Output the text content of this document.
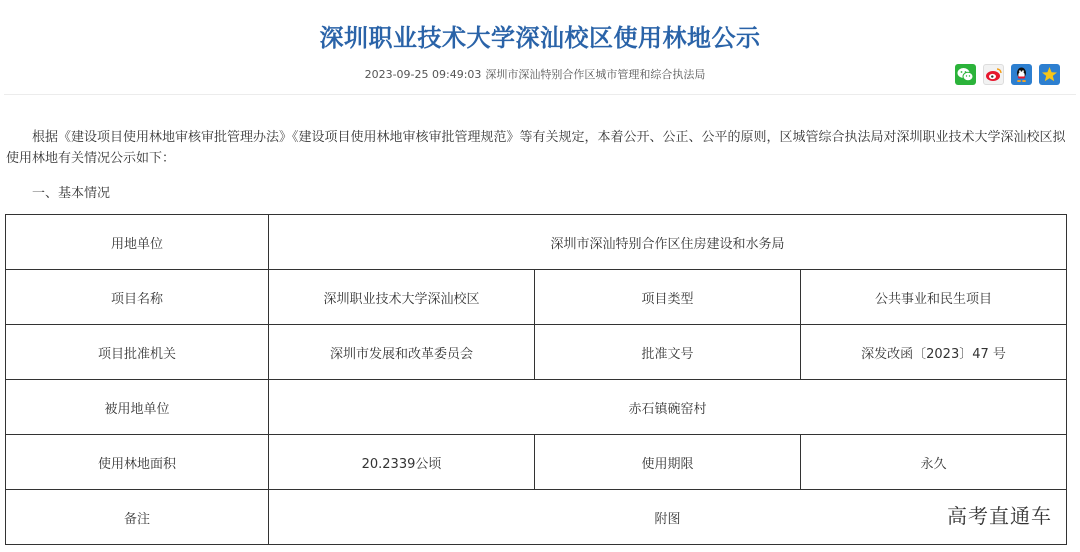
深圳职业技术大学深汕校区使用林地公示
2023-09-25 09:49:03 深圳市深汕特别合作区城市管理和综合执法局

根据《建设项目使用林地审核审批管理办法》《建设项目使用林地审核审批管理规范》等有关规定，本着公开、公正、公平的原则，区城管综合执法局对深圳职业技术大学深汕校区拟使用林地有关情况公示如下：

一、基本情况
用地单位	深圳市深汕特别合作区住房建设和水务局		
项目名称	深圳职业技术大学深汕校区	项目类型	公共事业和民生项目
项目批准机关	深圳市发展和改革委员会	批准文号	深发改函〔2023〕47 号
被用地单位	赤石镇碗窑村		
使用林地面积	20.2339公顷	使用期限	永久
备注	附图			高考直通车
